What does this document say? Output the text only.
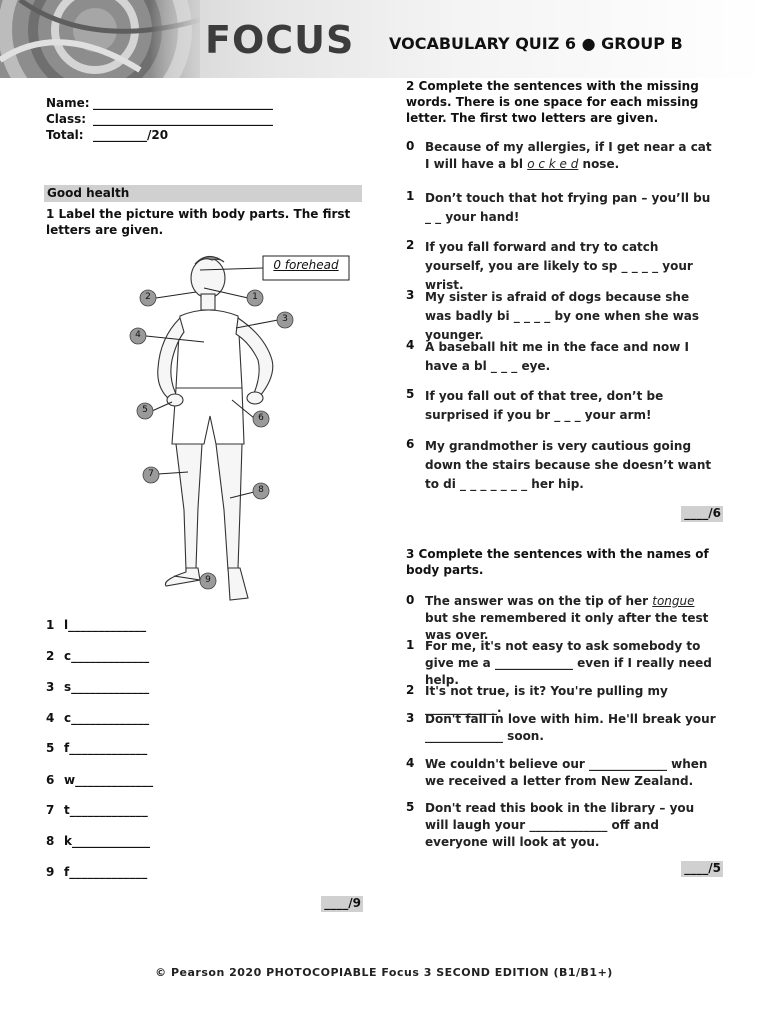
FOCUS VOCABULARY QUIZ 6 ● GROUP B
Name: ______________________________
Class: ______________________________
Total: _________/20
Good health
1 Label the picture with body parts. The first letters are given.
0 forehead
1
2
3
4
5
6
7
8
9
1 l_____________
2 c_____________
3 s_____________
4 c_____________
5 f_____________
6 w_____________
7 t_____________
8 k_____________
9 f_____________
____/9
2 Complete the sentences with the missing words. There is one space for each missing letter. The first two letters are given.
0 Because of my allergies, if I get near a cat I will have a bl o c k e d nose.
1 Don’t touch that hot frying pan – you’ll bu _ _ your hand!
2 If you fall forward and try to catch yourself, you are likely to sp _ _ _ _ your wrist.
3 My sister is afraid of dogs because she was badly bi _ _ _ _ by one when she was younger.
4 A baseball hit me in the face and now I have a bl _ _ _ eye.
5 If you fall out of that tree, don’t be surprised if you br _ _ _ your arm!
6 My grandmother is very cautious going down the stairs because she doesn’t want to di _ _ _ _ _ _ _ her hip.
____/6
3 Complete the sentences with the names of body parts.
0 The answer was on the tip of her tongue but she remembered it only after the test was over.
1 For me, it's not easy to ask somebody to give me a _____________ even if I really need help.
2 It's not true, is it? You're pulling my ____________.
3 Don't fall in love with him. He'll break your _____________ soon.
4 We couldn't believe our _____________ when we received a letter from New Zealand.
5 Don't read this book in the library – you will laugh your _____________ off and everyone will look at you.
____/5
© Pearson 2020 PHOTOCOPIABLE Focus 3 SECOND EDITION (B1/B1+)
